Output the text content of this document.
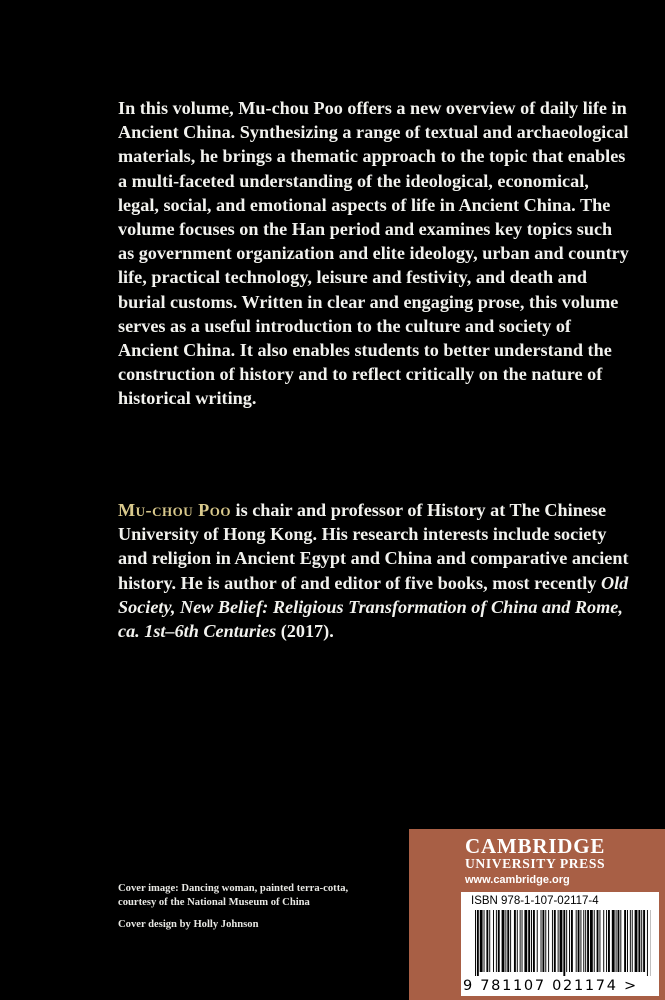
In this volume, Mu-chou Poo offers a new overview of daily life in Ancient China. Synthesizing a range of textual and archaeological materials, he brings a thematic approach to the topic that enables a multi-faceted understanding of the ideological, economical, legal, social, and emotional aspects of life in Ancient China. The volume focuses on the Han period and examines key topics such as government organization and elite ideology, urban and country life, practical technology, leisure and festivity, and death and burial customs. Written in clear and engaging prose, this volume serves as a useful introduction to the culture and society of Ancient China. It also enables students to better understand the construction of history and to reflect critically on the nature of historical writing.

Mu-chou Poo is chair and professor of History at The Chinese University of Hong Kong. His research interests include society and religion in Ancient Egypt and China and comparative ancient history. He is author of and editor of five books, most recently Old Society, New Belief: Religious Transformation of China and Rome, ca. 1st–6th Centuries (2017).

Cover image: Dancing woman, painted terra-cotta,
courtesy of the National Museum of China
Cover design by Holly Johnson
CAMBRIDGE
UNIVERSITY PRESS
www.cambridge.org
ISBN 978-1-107-02117-4
9 781107 021174 >
